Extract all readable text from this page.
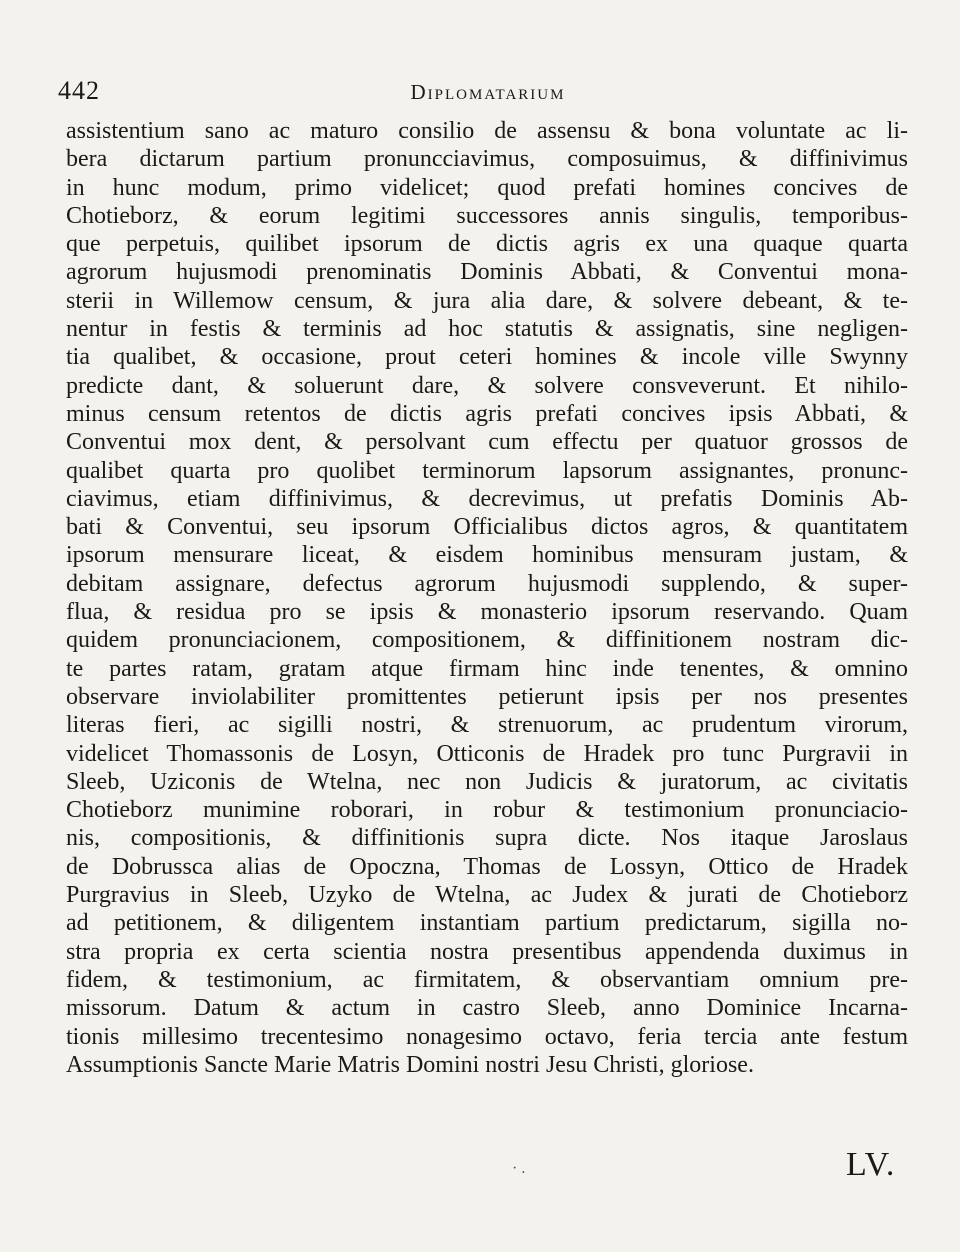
442	Diplomatarium
assistentium sano ac maturo consilio de assensu & bona voluntate ac li-
bera dictarum partium pronuncciavimus, composuimus, & diffinivimus
in hunc modum, primo videlicet; quod prefati homines concives de
Chotieborz, & eorum legitimi successores annis singulis, temporibus-
que perpetuis, quilibet ipsorum de dictis agris ex una quaque quarta
agrorum hujusmodi prenominatis Dominis Abbati, & Conventui mona-
sterii in Willemow censum, & jura alia dare, & solvere debeant, & te-
nentur in festis & terminis ad hoc statutis & assignatis, sine negligen-
tia qualibet, & occasione, prout ceteri homines & incole ville Swynny
predicte dant, & soluerunt dare, & solvere consveverunt. Et nihilo-
minus censum retentos de dictis agris prefati concives ipsis Abbati, &
Conventui mox dent, & persolvant cum effectu per quatuor grossos de
qualibet quarta pro quolibet terminorum lapsorum assignantes, pronunc-
ciavimus, etiam diffinivimus, & decrevimus, ut prefatis Dominis Ab-
bati & Conventui, seu ipsorum Officialibus dictos agros, & quantitatem
ipsorum mensurare liceat, & eisdem hominibus mensuram justam, &
debitam assignare, defectus agrorum hujusmodi supplendo, & super-
flua, & residua pro se ipsis & monasterio ipsorum reservando. Quam
quidem pronunciacionem, compositionem, & diffinitionem nostram dic-
te partes ratam, gratam atque firmam hinc inde tenentes, & omnino
observare inviolabiliter promittentes petierunt ipsis per nos presentes
literas fieri, ac sigilli nostri, & strenuorum, ac prudentum virorum,
videlicet Thomassonis de Losyn, Otticonis de Hradek pro tunc Purgravii in
Sleeb, Uziconis de Wtelna, nec non Judicis & juratorum, ac civitatis
Chotieborz munimine roborari, in robur & testimonium pronunciacio-
nis, compositionis, & diffinitionis supra dicte. Nos itaque Jaroslaus
de Dobrussca alias de Opoczna, Thomas de Lossyn, Ottico de Hradek
Purgravius in Sleeb, Uzyko de Wtelna, ac Judex & jurati de Chotieborz
ad petitionem, & diligentem instantiam partium predictarum, sigilla no-
stra propria ex certa scientia nostra presentibus appendenda duximus in
fidem, & testimonium, ac firmitatem, & observantiam omnium pre-
missorum. Datum & actum in castro Sleeb, anno Dominice Incarna-
tionis millesimo trecentesimo nonagesimo octavo, feria tercia ante festum
Assumptionis Sancte Marie Matris Domini nostri Jesu Christi, gloriose.
· .	LV.
